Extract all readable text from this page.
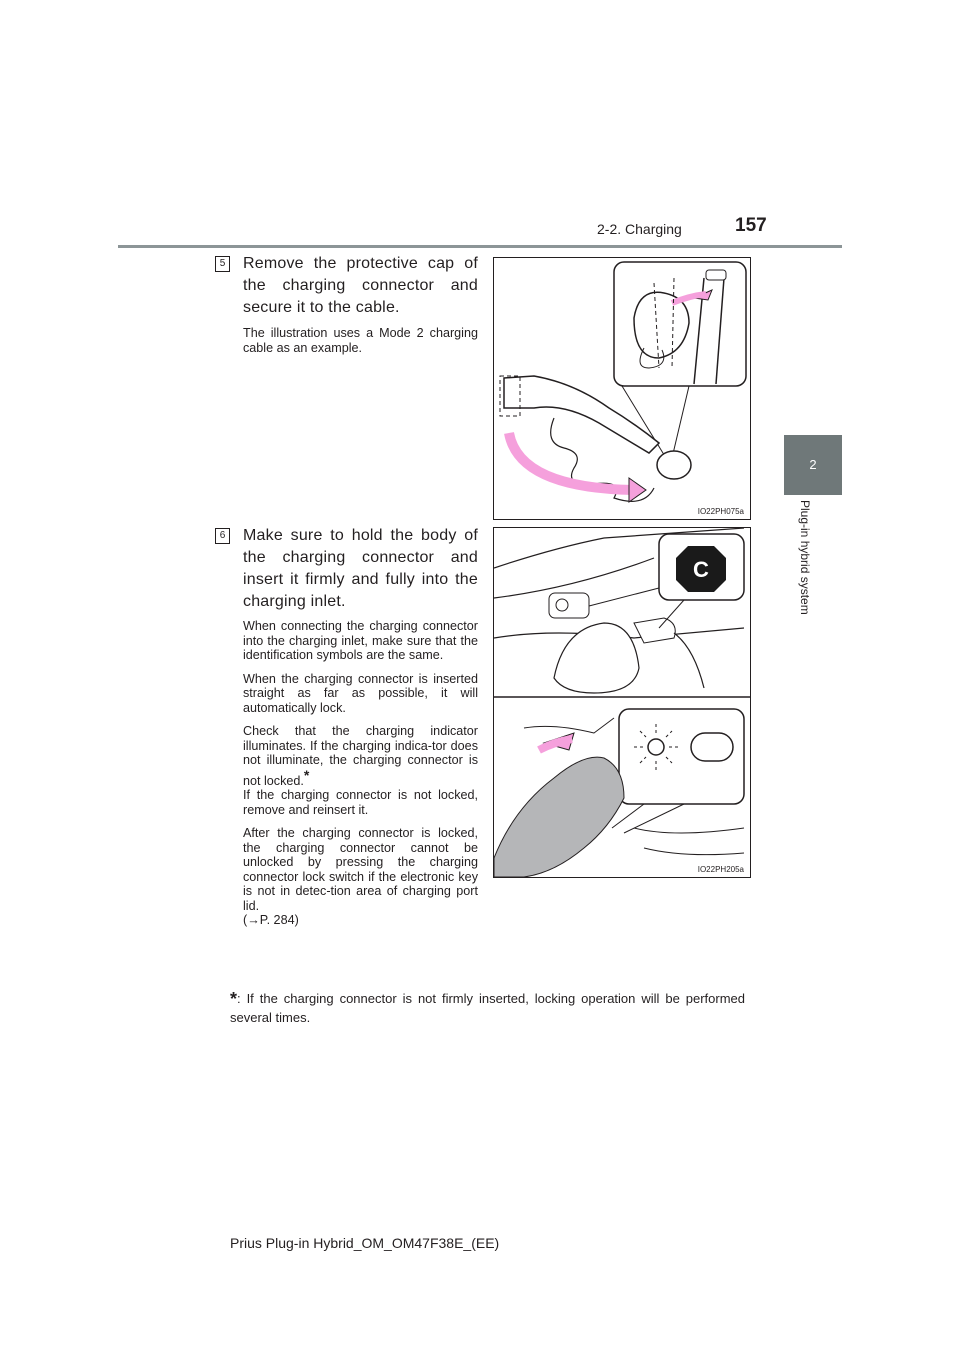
2-2. Charging	157
2
Plug-in hybrid system
5 Remove the protective cap of the charging connector and secure it to the cable.

The illustration uses a Mode 2 charging cable as an example.

IO22PH075a
6 Make sure to hold the body of the charging connector and insert it firmly and fully into the charging inlet.

When connecting the charging connector into the charging inlet, make sure that the identification symbols are the same.

When the charging connector is inserted straight as far as possible, it will automatically lock.

Check that the charging indicator illuminates. If the charging indica-tor does not illuminate, the charging connector is not locked.*

If the charging connector is not locked, remove and reinsert it.

After the charging connector is locked, the charging connector cannot be unlocked by pressing the charging connector lock switch if the electronic key is not in detec-tion area of charging port lid.

(→P. 284)

C
IO22PH205a
*: If the charging connector is not firmly inserted, locking operation will be performed several times.
Prius Plug-in Hybrid_OM_OM47F38E_(EE)
